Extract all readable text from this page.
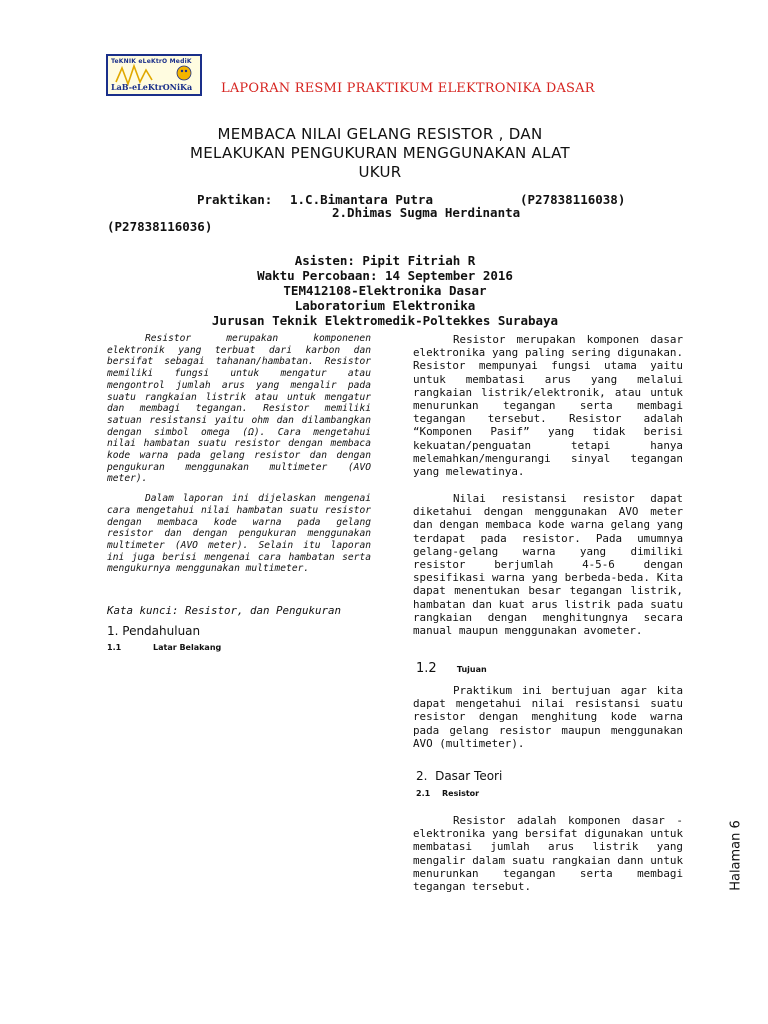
TeKNIK eLeKtrO MediK
LaB-eLeKtrONiKa LAPORAN RESMI PRAKTIKUM ELEKTRONIKA DASAR
MEMBACA NILAI GELANG RESISTOR , DAN
MELAKUKAN PENGUKURAN MENGGUNAKAN ALAT
UKUR
Praktikan: 1.C.Bimantara Putra	(P27838116038)
2.Dhimas Sugma Herdinanta
(P27838116036)
Asisten: Pipit Fitriah R
Waktu Percobaan: 14 September 2016
TEM412108-Elektronika Dasar
Laboratorium Elektronika
Jurusan Teknik Elektromedik-Poltekkes Surabaya

Resistor merupakan komponenen elektronik yang terbuat dari karbon dan bersifat sebagai tahanan/hambatan. Resistor memiliki fungsi untuk mengatur atau mengontrol jumlah arus yang mengalir pada suatu rangkaian listrik atau untuk mengatur dan membagi tegangan. Resistor memiliki satuan resistansi yaitu ohm dan dilambangkan dengan simbol omega (Ω). Cara mengetahui nilai hambatan suatu resistor dengan membaca kode warna pada gelang resistor dan dengan pengukuran menggunakan multimeter (AVO meter).

Dalam laporan ini dijelaskan mengenai cara mengetahui nilai hambatan suatu resistor dengan membaca kode warna pada gelang resistor dan dengan pengukuran menggunakan multimeter (AVO meter). Selain itu laporan ini juga berisi mengenai cara hambatan serta mengukurnya menggunakan multimeter.

Kata kunci: Resistor, dan Pengukuran
1. Pendahuluan
1.1	Latar Belakang

Resistor merupakan komponen dasar elektronika yang paling sering digunakan. Resistor mempunyai fungsi utama yaitu untuk membatasi arus yang melalui rangkaian listrik/elektronik, atau untuk menurunkan tegangan serta membagi tegangan tersebut. Resistor adalah “Komponen Pasif” yang tidak berisi kekuatan/penguatan tetapi hanya melemahkan/mengurangi sinyal tegangan yang melewatinya.

Nilai resistansi resistor dapat diketahui dengan menggunakan AVO meter dan dengan membaca kode warna gelang yang terdapat pada resistor. Pada umumnya gelang-gelang warna yang dimiliki resistor berjumlah 4-5-6 dengan spesifikasi warna yang berbeda-beda. Kita dapat menentukan besar tegangan listrik, hambatan dan kuat arus listrik pada suatu rangkaian dengan menghitungnya secara manual maupun menggunakan avometer.

1.2	Tujuan

Praktikum ini bertujuan agar kita dapat mengetahui nilai resistansi suatu resistor dengan menghitung kode warna pada gelang resistor maupun menggunakan AVO (multimeter).

2.  Dasar Teori
2.1 Resistor

Resistor adalah komponen dasar - elektronika yang bersifat digunakan untuk membatasi jumlah arus listrik yang mengalir dalam suatu rangkaian dann untuk menurunkan tegangan serta membagi tegangan tersebut.	Halaman 6
